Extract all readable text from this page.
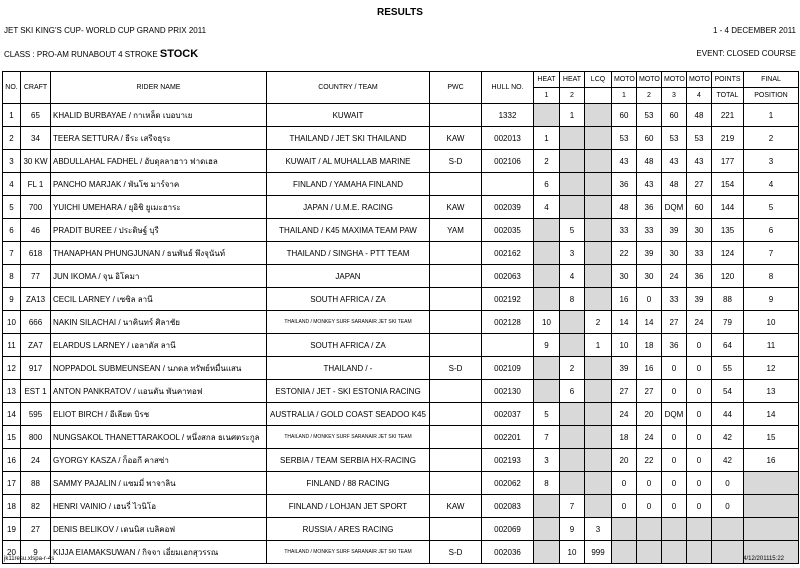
RESULTS
JET SKI KING'S CUP- WORLD CUP GRAND PRIX 2011	1 - 4 DECEMBER 2011
CLASS : PRO-AM RUNABOUT 4 STROKE STOCK	EVENT: CLOSED COURSE
NO.	CRAFT	RIDER NAME	COUNTRY / TEAM	PWC	HULL NO.	HEAT	HEAT	LCQ	MOTO	MOTO	MOTO	MOTO	POINTS	FINAL
						1	2		1	2	3	4	TOTAL	POSITION
1	65	KHALID BURBAYAE / กาเหล็ด เบอบาเย	KUWAIT		1332		1		60	53	60	48	221	1
2	34	TEERA SETTURA / ธีระ เสรีจธุระ	THAILAND / JET SKI THAILAND	KAW	002013	1			53	60	53	53	219	2
3	30 KW	ABDULLAHAL FADHEL / อับดุลลาฮาว ฟาดเฮล	KUWAIT / AL MUHALLAB MARINE	S-D	002106	2			43	48	43	43	177	3
4	FL 1	PANCHO MARJAK / พันโช มาร์จาค	FINLAND / YAMAHA FINLAND			6			36	43	48	27	154	4
5	700	YUICHI UMEHARA / ยุอิชิ ยูเมะฮาระ	JAPAN / U.M.E. RACING	KAW	002039	4			48	36	DQM	60	144	5
6	46	PRADIT BUREE / ประดิษฐ์ บุรี	THAILAND / K45 MAXIMA TEAM PAW	YAM	002035		5		33	33	39	30	135	6
7	618	THANAPHAN PHUNGJUNAN / ธนพันธ์ พึงจุนันท์	THAILAND / SINGHA - PTT TEAM		002162		3		22	39	30	33	124	7
8	77	JUN IKOMA / จุน อิโคมา	JAPAN		002063		4		30	30	24	36	120	8
9	ZA13	CECIL LARNEY / เซซิล ลานี	SOUTH AFRICA / ZA		002192		8		16	0	33	39	88	9
10	666	NAKIN SILACHAI / นาคินทร์ ศิลาชัย	THAILAND / MONKEY SURF SARANAIR JET SKI TEAM		002128	10		2	14	14	27	24	79	10
11	ZA7	ELARDUS LARNEY / เอลาดัส ลานี	SOUTH AFRICA / ZA			9		1	10	18	36	0	64	11
12	917	NOPPADOL SUBMEUNSEAN / นภดล ทรัพย์หมื่นแสน	THAILAND / -	S-D	002109		2		39	16	0	0	55	12
13	EST 1	ANTON PANKRATOV / แอนตัน พันคาทอฟ	ESTONIA / JET - SKI ESTONIA RACING		002130		6		27	27	0	0	54	13
14	595	ELIOT BIRCH / อีเลียต บิรช	AUSTRALIA / GOLD COAST SEADOO K45		002037	5			24	20	DQM	0	44	14
15	800	NUNGSAKOL THANETTARAKOOL / หนึ่งสกล ธเนศตระกูล	THAILAND / MONKEY SURF SARANAIR JET SKI TEAM		002201	7			18	24	0	0	42	15
16	24	GYORGY KASZA / ก็ออกี คาสซ่า	SERBIA / TEAM SERBIA HX-RACING		002193	3			20	22	0	0	42	16
17	88	SAMMY PAJALIN / แซมมี่ พาจาลิน	FINLAND / 88 RACING		002062	8			0	0	0	0	0	
18	82	HENRI VAINIO / เฮนรี่ ไวนิโอ	FINLAND / LOHJAN JET SPORT	KAW	002083		7		0	0	0	0	0	
19	27	DENIS BELIKOV / เดนนิส เบลิคอฟ	RUSSIA / ARES RACING		002069		9	3						
20	9	KIJJA EIAMAKSUWAN / กิจจา เอี่ยมเอกสุวรรณ	THAILAND / MONKEY SURF SARANAIR JET SKI TEAM	S-D	002036		10	999						
jk11resu.xlspa-r-4s	4/12/201115:22
